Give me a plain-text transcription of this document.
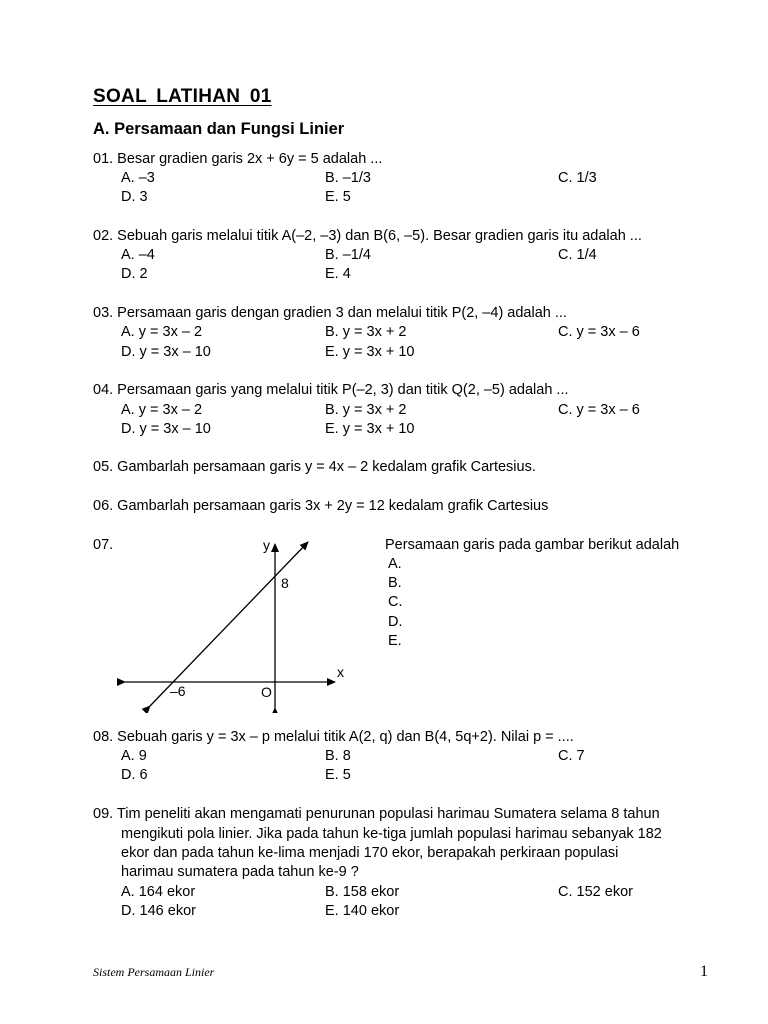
SOAL LATIHAN 01
A. Persamaan dan Fungsi Linier
01. Besar gradien garis 2x + 6y = 5 adalah ...
A. –3	B. –1/3	C. 1/3
D. 3	E. 5
02. Sebuah garis melalui titik A(–2, –3) dan B(6, –5). Besar gradien garis itu adalah ...
A. –4	B. –1/4	C. 1/4
D. 2	E. 4
03. Persamaan garis dengan gradien 3 dan melalui titik P(2, –4) adalah ...
A. y = 3x – 2	B. y = 3x + 2	C. y = 3x – 6
D. y = 3x – 10	E. y = 3x + 10
04. Persamaan garis yang melalui titik P(–2, 3) dan titik Q(2, –5) adalah ...
A. y = 3x – 2	B. y = 3x + 2	C. y = 3x – 6
D. y = 3x – 10	E. y = 3x + 10
05. Gambarlah persamaan garis y = 4x – 2 kedalam grafik Cartesius.
06. Gambarlah persamaan garis 3x + 2y = 12 kedalam grafik Cartesius
07.	y
8
x
–6	O
Persamaan garis pada gambar berikut adalah
A.
B.
C.
D.
E.
08. Sebuah garis y = 3x – p melalui titik A(2, q) dan B(4, 5q+2). Nilai p = ....
A. 9	B. 8	C. 7
D. 6	E. 5
09. Tim peneliti akan mengamati penurunan populasi harimau Sumatera selama 8 tahun
mengikuti pola linier. Jika pada tahun ke-tiga jumlah populasi harimau sebanyak 182
ekor dan pada tahun ke-lima menjadi 170 ekor, berapakah perkiraan populasi
harimau sumatera pada tahun ke-9 ?
A. 164 ekor	B. 158 ekor	C. 152 ekor
D. 146 ekor	E. 140 ekor
Sistem Persamaan Linier	1
